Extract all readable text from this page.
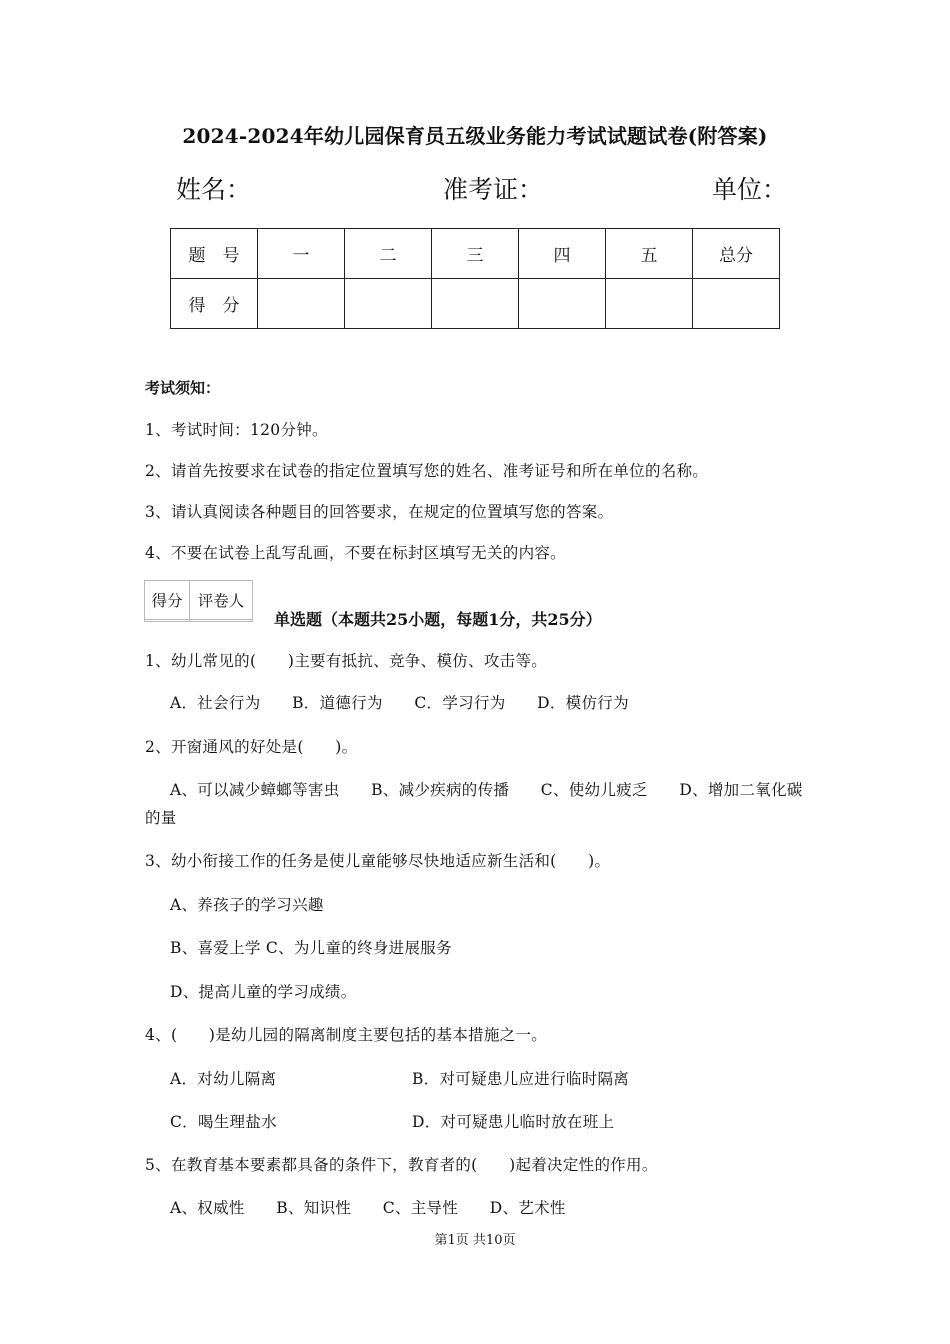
2024-2024年幼儿园保育员五级业务能力考试试题试卷(附答案)
姓名：	准考证：	单位：
题　号	一	二	三	四	五	总分
得　分						
考试须知：
1、考试时间：120分钟。
2、请首先按要求在试卷的指定位置填写您的姓名、准考证号和所在单位的名称。
3、请认真阅读各种题目的回答要求，在规定的位置填写您的答案。
4、不要在试卷上乱写乱画，不要在标封区填写无关的内容。
得分	评卷人

单选题（本题共25小题，每题1分，共25分）
1、幼儿常见的(　　)主要有抵抗、竞争、模仿、攻击等。
A．社会行为　　B．道德行为　　C．学习行为　　D．模仿行为
2、开窗通风的好处是(　　)。
A、可以减少蟑螂等害虫　　B、减少疾病的传播　　C、使幼儿疲乏　　D、增加二氧化碳
的量
3、幼小衔接工作的任务是使儿童能够尽快地适应新生活和(　　)。
A、养孩子的学习兴趣
B、喜爱上学 C、为儿童的终身进展服务
D、提高儿童的学习成绩。
4、(　　)是幼儿园的隔离制度主要包括的基本措施之一。
A．对幼儿隔离	B．对可疑患儿应进行临时隔离
C．喝生理盐水	D．对可疑患儿临时放在班上
5、在教育基本要素都具备的条件下，教育者的(　　)起着决定性的作用。
A、权威性　　B、知识性　　C、主导性　　D、艺术性
第1页 共10页
